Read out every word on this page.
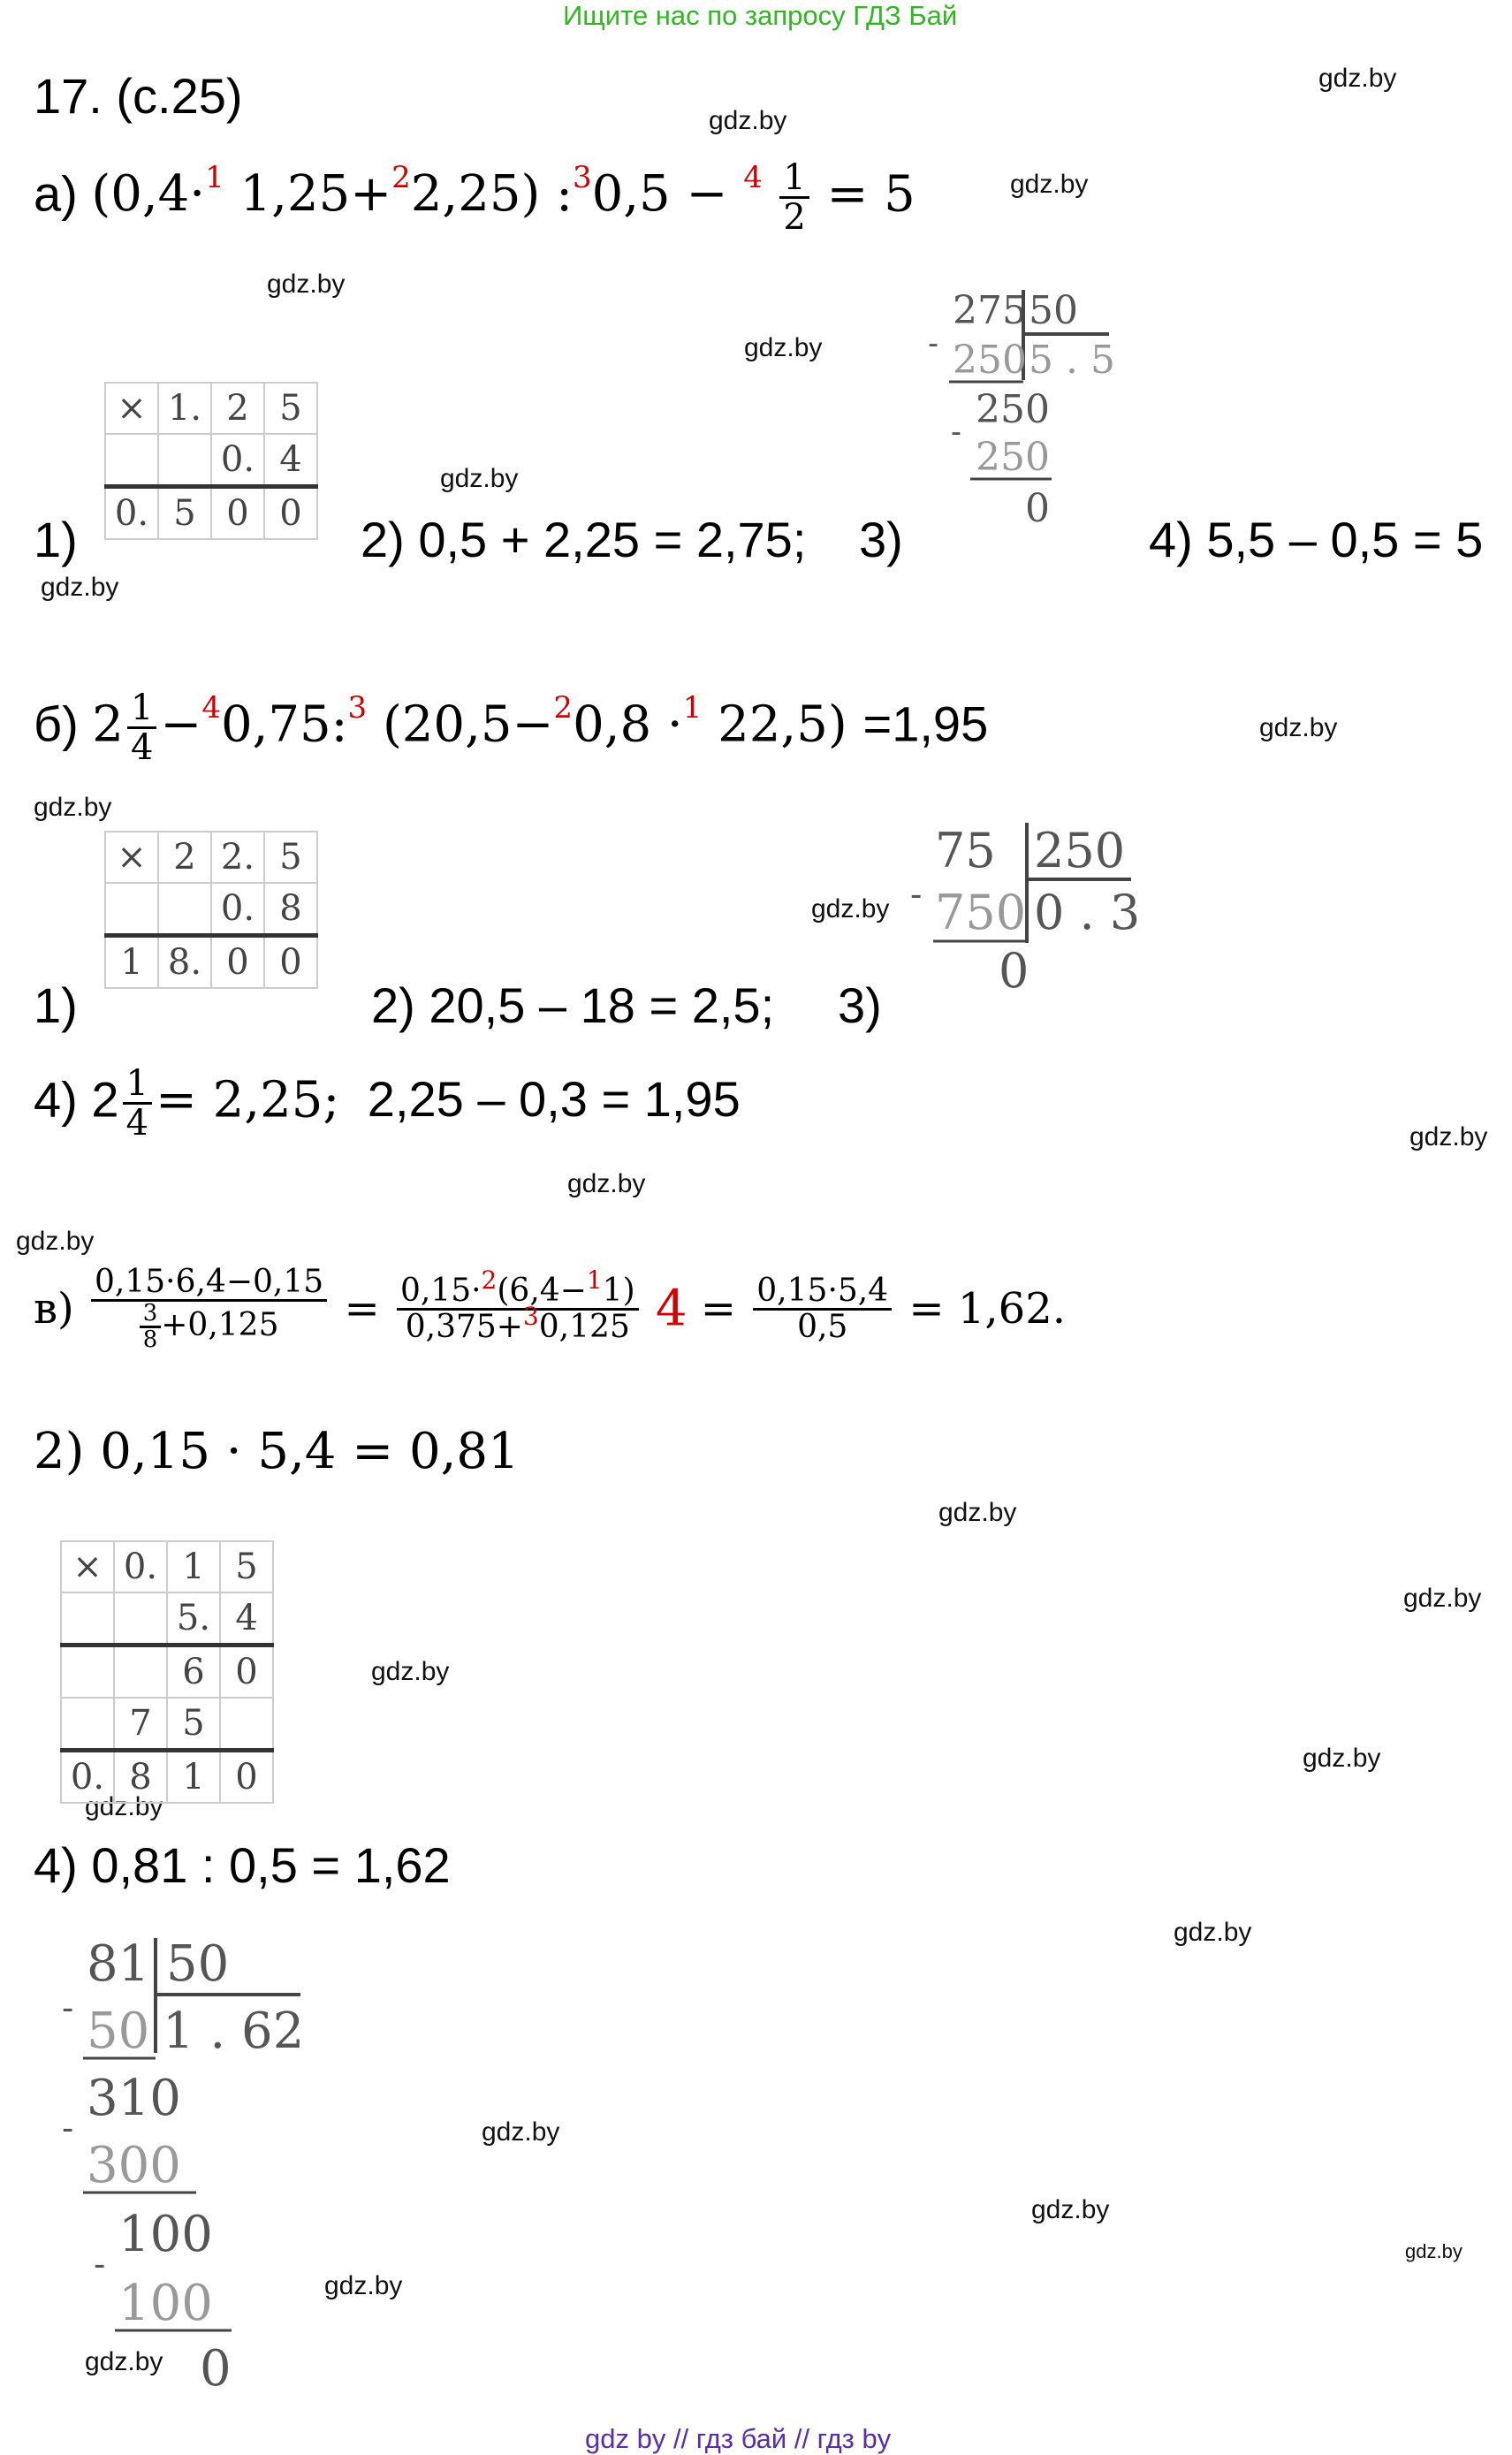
Ищите нас по запросу ГДЗ Бай
gdz.by
gdz.by
gdz.by
gdz.by
gdz.by
gdz.by
gdz.by
gdz.by
gdz.by
gdz.by
gdz.by
gdz.by
gdz.by
gdz.by
gdz.by
gdz.by
gdz.by
gdz.by
gdz.by
gdz.by
gdz.by
gdz.by
gdz.by
gdz.by
17. (с.25)
а) (0,4·$^1$ 1,25+$^2$2,25) :$^3$0,5 − $^4 \frac{1}{2} = 5$
×	1.	2	5
		0.	4
0.	5	0	0
1)	2) 0,5 + 2,25 = 2,75; 3)
275 50
- 250 5 . 5
250
-
250
0
4) 5,5 – 0,5 = 5
б) $2 \frac{1}{4}$ −$^4$0,75:$^3$ (20,5−$^2$0,8 ·$^1$ 22,5) =1,95
×	2	2.	5
		0.	8
1	8.	0	0
1)	2) 20,5 – 18 = 2,5; 3)
75 250
- 750 0 . 3
0
4) $2 \frac{1}{4} = 2,25$; 2,25 – 0,3 = 1,95
$в) \frac{0,15\cdot 6,4-0,15}{\frac{3}{8} +0,125} = \frac{0,15\cdot^2(6,4-^11)}{0,375+^30,125} 4 = \frac{0,15\cdot 5,4}{0,5} = 1,62$.
2) 0,15 · 5,4 = 0,81
×	0.	1	5
		5.	4
		6	0
	7	5	
0.	8	1	0
4) 0,81 : 0,5 = 1,62
81 50
- 50 1 . 62
310
-
300
100
-
100
0
gdz by // гдз бай // гдз by
